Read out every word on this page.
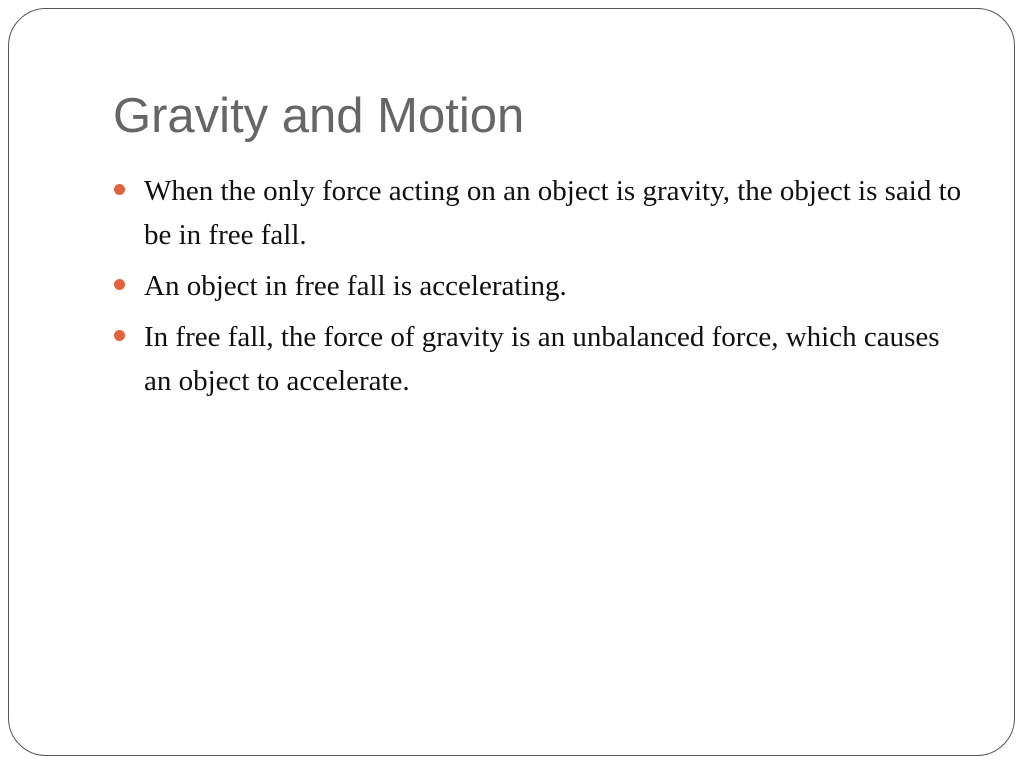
Gravity and Motion
When the only force acting on an object is gravity, the object is said to be in free fall.
An object in free fall is accelerating.
In free fall, the force of gravity is an unbalanced force, which causes an object to accelerate.
